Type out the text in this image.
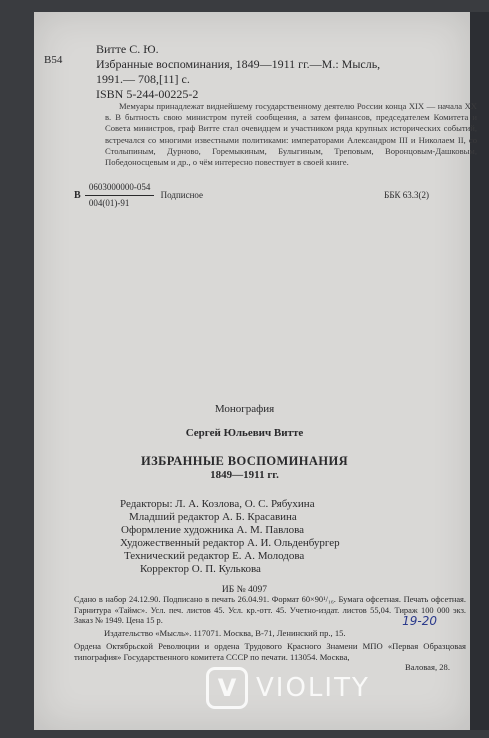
В54
Витте С. Ю.
Избранные воспоминания, 1849—1911 гг.—М.: Мысль,
1991.— 708,[11] с.
ISBN 5-244-00225-2

Мемуары принадлежат виднейшему государственному деятелю России конца XIX — начала XX в. В бытность свою министром путей сообщения, а затем финансов, председателем Комитета и Совета министров, граф Витте стал очевидцем и участником ряда крупных исторических событий, встречался со многими известными политиками: императорами Александром III и Николаем II, со Столыпиным, Дурново, Горемыкиным, Булыгиным, Треповым, Воронцовым-Дашковым, Победоносцевым и др., о чём интересно повествует в своей книге.

В $\frac{0603000000-054}{004(01)-91}$ Подписное	ББК 63.3(2)
Монография
Сергей Юльевич Витте
ИЗБРАННЫЕ ВОСПОМИНАНИЯ
1849—1911 гг.
Редакторы: Л. А. Козлова, О. С. Рябухина
Младший редактор А. Б. Красавина
Оформление художника А. М. Павлова
Художественный редактор А. И. Ольденбургер
Технический редактор Е. А. Молодова
Корректор О. П. Кулькова
ИБ № 4097

Сдано в набор 24.12.90. Подписано в печать 26.04.91. Формат 60×90¹/₁₆. Бумага офсетная. Печать офсетная. Гарнитура «Таймс». Усл. печ. листов 45. Усл. кр.-отт. 45. Учетно-издат. листов 55,04. Тираж 100 000 экз. Заказ № 1949. Цена 15 р.	19-20
Издательство «Мысль». 117071. Москва, В-71, Ленинский пр., 15.

Ордена Октябрьской Революции и ордена Трудового Красного Знамени МПО «Первая Образцовая типография» Государственного комитета СССР по печати. 113054. Москва,

Валовая, 28.

V VIOLITY
